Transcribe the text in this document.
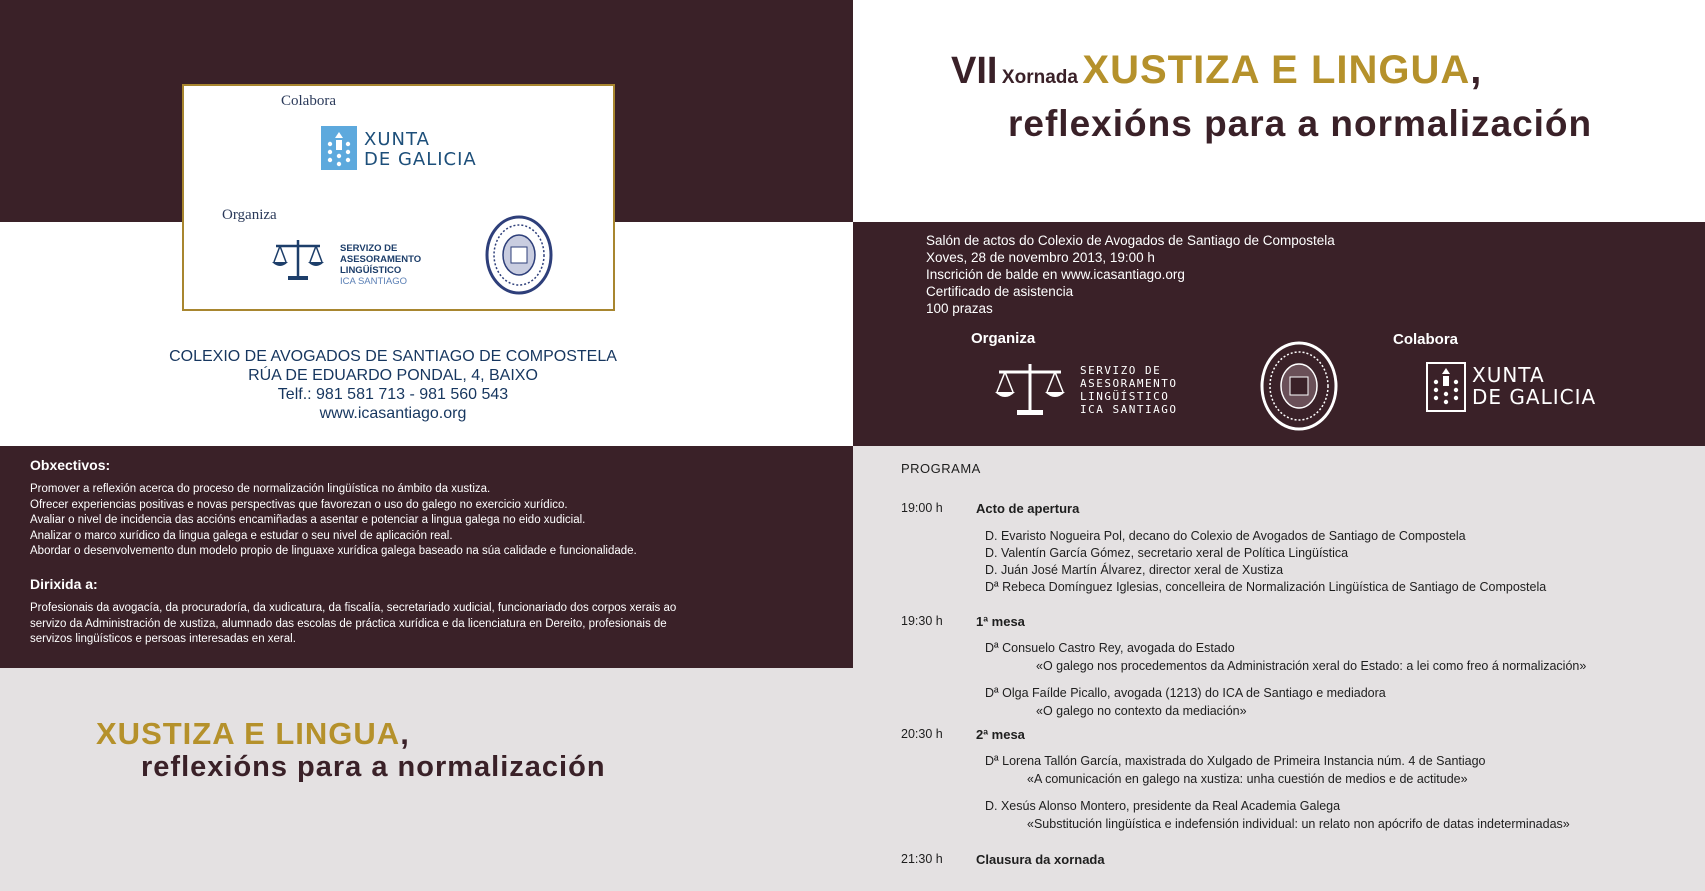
Colabora
XUNTA
DE GALICIA
Organiza
SERVIZO DE
ASESORAMENTO
LINGÜÍSTICO
ICA SANTIAGO
COLEXIO DE AVOGADOS DE SANTIAGO DE COMPOSTELA
RÚA DE EDUARDO PONDAL, 4, BAIXO
Telf.: 981 581 713 - 981 560 543
www.icasantiago.org
Obxectivos:
Promover a reflexión acerca do proceso de normalización lingüística no ámbito da xustiza.
Ofrecer experiencias positivas e novas perspectivas que favorezan o uso do galego no exercicio xurídico.
Avaliar o nivel de incidencia das accións encamiñadas a asentar e potenciar a lingua galega no eido xudicial.
Analizar o marco xurídico da lingua galega e estudar o seu nivel de aplicación real.
Abordar o desenvolvemento dun modelo propio de linguaxe xurídica galega baseado na súa calidade e funcionalidade.
Dirixida a:
Profesionais da avogacía, da procuradoría, da xudicatura, da fiscalía, secretariado xudicial, funcionariado dos corpos xerais ao
servizo da Administración de xustiza, alumnado das escolas de práctica xurídica e da licenciatura en Dereito, profesionais de
servizos lingüísticos e persoas interesadas en xeral.
XUSTIZA E LINGUA,
reflexións para a normalización
VII Xornada XUSTIZA E LINGUA,
reflexións para a normalización
Salón de actos do Colexio de Avogados de Santiago de Compostela
Xoves, 28 de novembro 2013, 19:00 h
Inscrición de balde en www.icasantiago.org
Certificado de asistencia
100 prazas
Organiza
SERVIZO DE
ASESORAMENTO
LINGÜÍSTICO
ICA SANTIAGO
Colabora
XUNTA
DE GALICIA
PROGRAMA
19:00 h	Acto de apertura
D. Evaristo Nogueira Pol, decano do Colexio de Avogados de Santiago de Compostela
D. Valentín García Gómez, secretario xeral de Política Lingüística
D. Juán José Martín Álvarez, director xeral de Xustiza
Dª Rebeca Domínguez Iglesias, concelleira de Normalización Lingüística de Santiago de Compostela
19:30 h	1ª mesa
Dª Consuelo Castro Rey, avogada do Estado
«O galego nos procedementos da Administración xeral do Estado: a lei como freo á normalización»
Dª Olga Faílde Picallo, avogada (1213) do ICA de Santiago e mediadora
«O galego no contexto da mediación»
20:30 h	2ª mesa
Dª Lorena Tallón García, maxistrada do Xulgado de Primeira Instancia núm. 4 de Santiago
«A comunicación en galego na xustiza: unha cuestión de medios e de actitude»
D. Xesús Alonso Montero, presidente da Real Academia Galega
«Substitución lingüística e indefensión individual: un relato non apócrifo de datas indeterminadas»
21:30 h	Clausura da xornada
